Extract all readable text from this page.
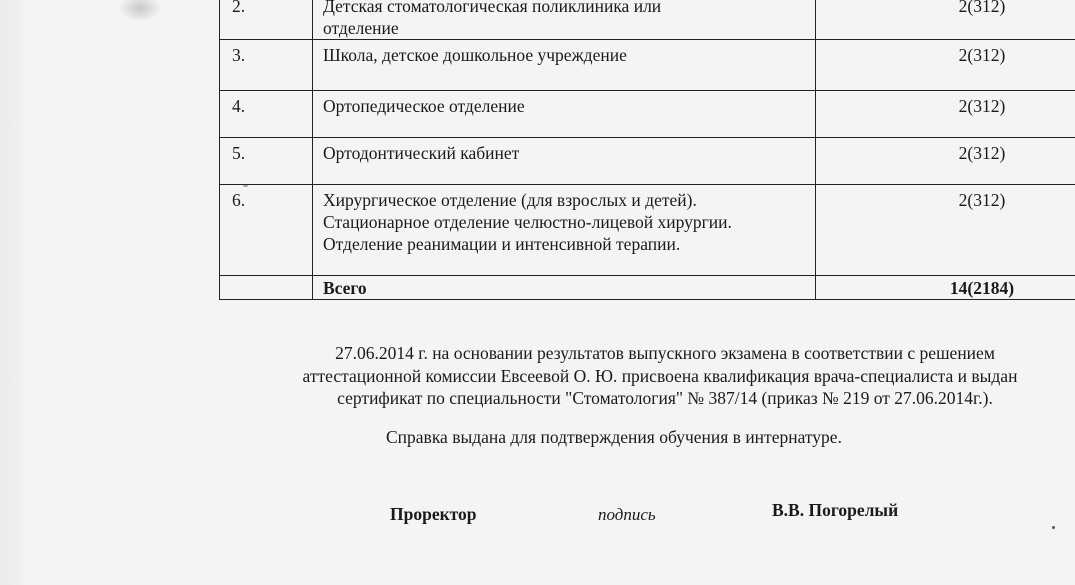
2.	Детская стоматологическая поликлиника или
отделение	2(312)
3.	Школа, детское дошкольное учреждение	2(312)
4.	Ортопедическое отделение	2(312)
5.	Ортодонтический кабинет	2(312)
6.	Хирургическое отделение (для взрослых и детей).
Стационарное отделение челюстно-лицевой хирургии.
Отделение реанимации и интенсивной терапии.	2(312)
	Всего	14(2184)
27.06.2014 г. на основании результатов выпускного экзамена в соответствии с решением
аттестационной комиссии Евсеевой О. Ю. присвоена квалификация врача-специалиста и выдан
сертификат по специальности "Стоматология" № 387/14 (приказ № 219 от 27.06.2014г.).
Справка выдана для подтверждения обучения в интернатуре.
Проректор	подпись	В.В. Погорелый
